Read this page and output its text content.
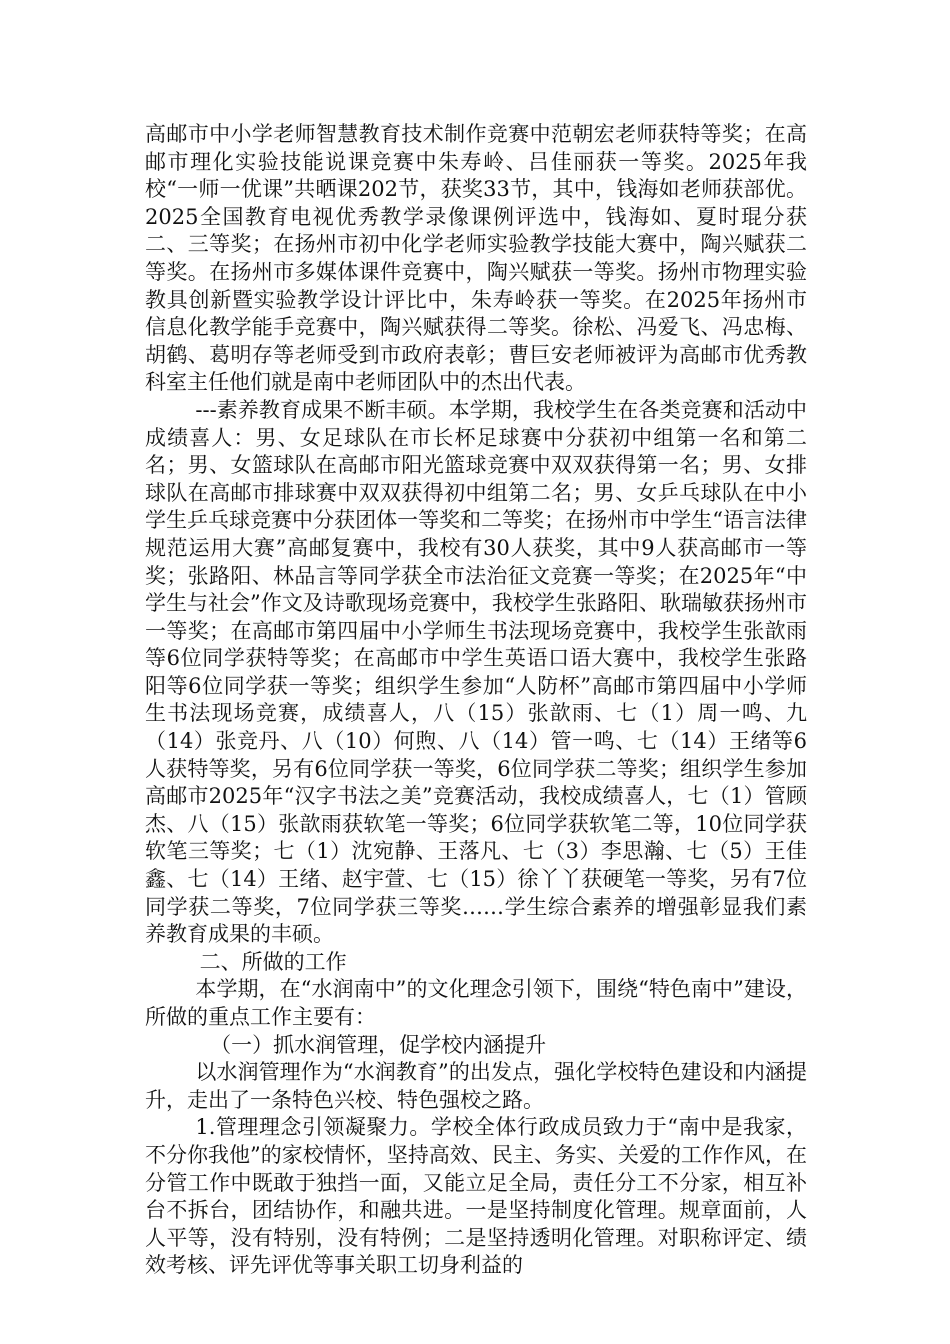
高邮市中小学老师智慧教育技术制作竞赛中范朝宏老师获特等奖；在高邮市理化实验技能说课竞赛中朱寿岭、吕佳丽获一等奖。2025年我校“一师一优课”共晒课202节，获奖33节，其中，钱海如老师获部优。2025全国教育电视优秀教学录像课例评选中，钱海如、夏时琨分获二、三等奖；在扬州市初中化学老师实验教学技能大赛中，陶兴赋获二等奖。在扬州市多媒体课件竞赛中，陶兴赋获一等奖。扬州市物理实验教具创新暨实验教学设计评比中，朱寿岭获一等奖。在2025年扬州市信息化教学能手竞赛中，陶兴赋获得二等奖。徐松、冯爱飞、冯忠梅、胡鹤、葛明存等老师受到市政府表彰；曹巨安老师被评为高邮市优秀教科室主任他们就是南中老师团队中的杰出代表。

---素养教育成果不断丰硕。本学期，我校学生在各类竞赛和活动中成绩喜人：男、女足球队在市长杯足球赛中分获初中组第一名和第二名；男、女篮球队在高邮市阳光篮球竞赛中双双获得第一名；男、女排球队在高邮市排球赛中双双获得初中组第二名；男、女乒乓球队在中小学生乒乓球竞赛中分获团体一等奖和二等奖；在扬州市中学生“语言法律规范运用大赛”高邮复赛中，我校有30人获奖，其中9人获高邮市一等奖；张路阳、林品言等同学获全市法治征文竞赛一等奖；在2025年“中学生与社会”作文及诗歌现场竞赛中，我校学生张路阳、耿瑞敏获扬州市一等奖；在高邮市第四届中小学师生书法现场竞赛中，我校学生张歆雨等6位同学获特等奖；在高邮市中学生英语口语大赛中，我校学生张路阳等6位同学获一等奖；组织学生参加“人防杯”高邮市第四届中小学师生书法现场竞赛，成绩喜人，八（15）张歆雨、七（1）周一鸣、九（14）张竞丹、八（10）何煦、八（14）管一鸣、七（14）王绪等6人获特等奖，另有6位同学获一等奖，6位同学获二等奖；组织学生参加高邮市2025年“汉字书法之美”竞赛活动，我校成绩喜人，七（1）管顾杰、八（15）张歆雨获软笔一等奖；6位同学获软笔二等，10位同学获软笔三等奖；七（1）沈宛静、王落凡、七（3）李思瀚、七（5）王佳鑫、七（14）王绪、赵宇萱、七（15）徐丫丫获硬笔一等奖，另有7位同学获二等奖，7位同学获三等奖……学生综合素养的增强彰显我们素养教育成果的丰硕。

二、所做的工作

本学期，在“水润南中”的文化理念引领下，围绕“特色南中”建设，所做的重点工作主要有：

（一）抓水润管理，促学校内涵提升

以水润管理作为“水润教育”的出发点，强化学校特色建设和内涵提升，走出了一条特色兴校、特色强校之路。

1.管理理念引领凝聚力。学校全体行政成员致力于“南中是我家，不分你我他”的家校情怀，坚持高效、民主、务实、关爱的工作作风，在分管工作中既敢于独挡一面，又能立足全局，责任分工不分家，相互补台不拆台，团结协作，和融共进。一是坚持制度化管理。规章面前，人人平等，没有特别，没有特例；二是坚持透明化管理。对职称评定、绩效考核、评先评优等事关职工切身利益的
